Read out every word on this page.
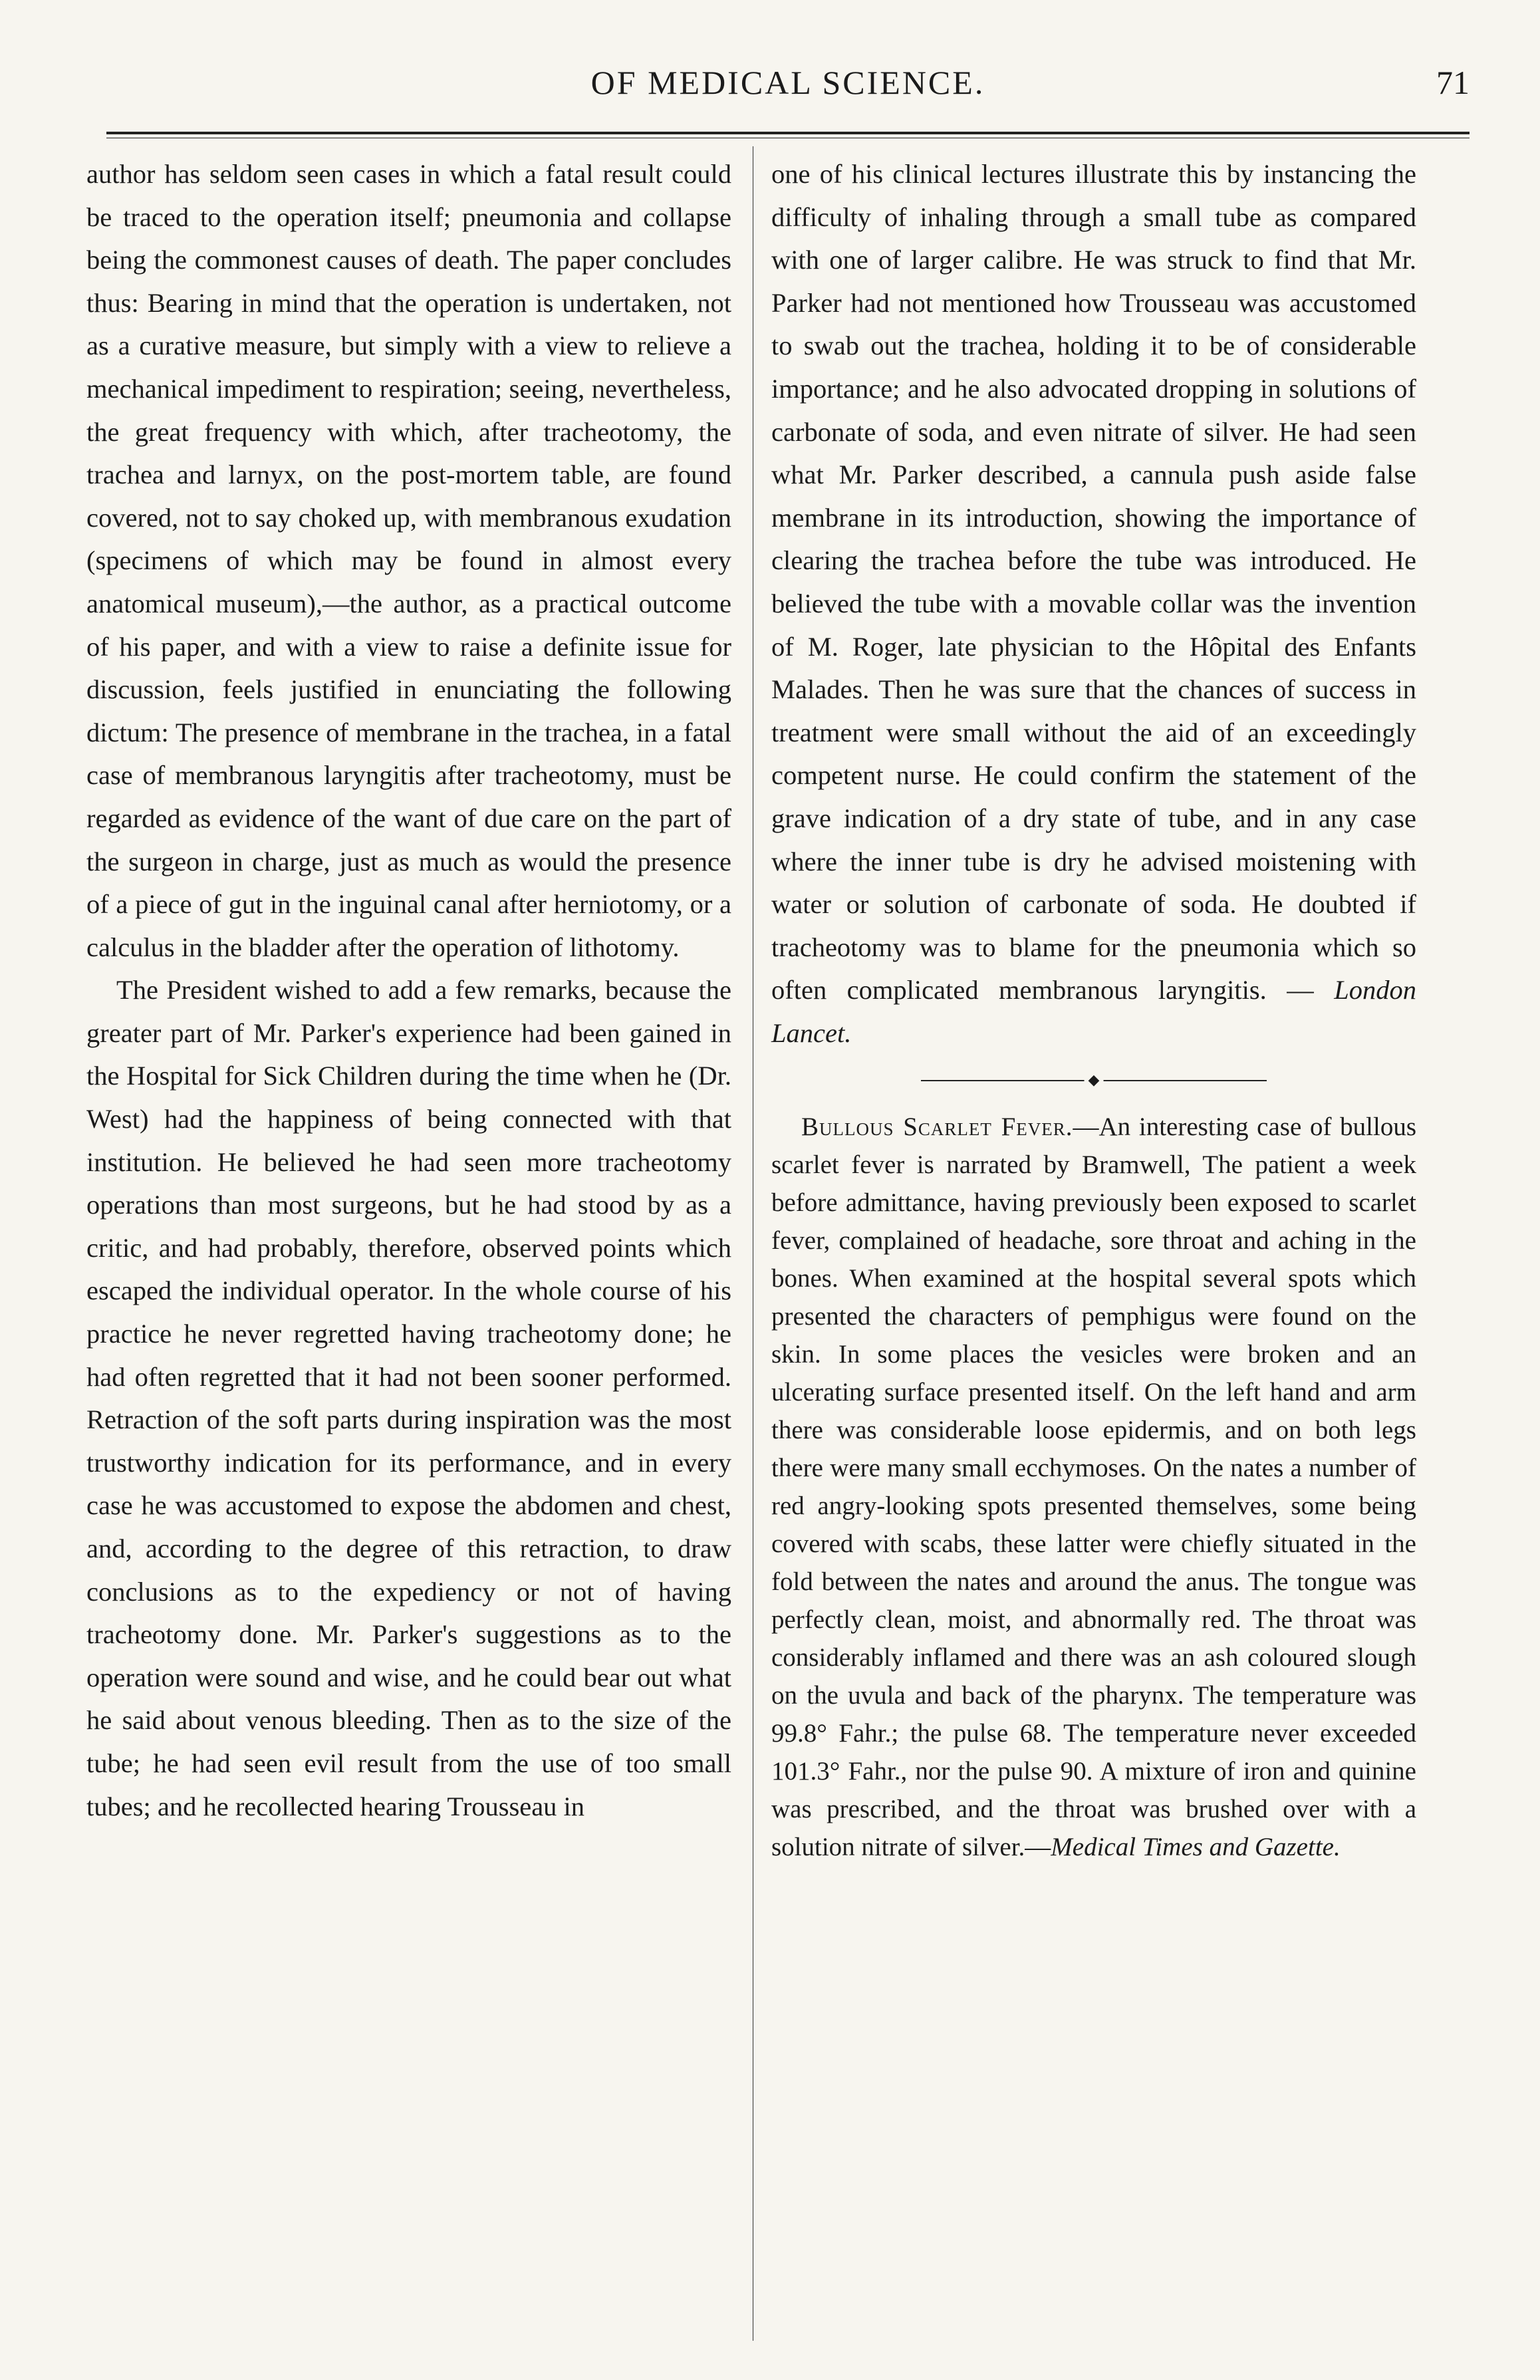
OF MEDICAL SCIENCE.	71

author has seldom seen cases in which a fatal result could be traced to the operation itself; pneumonia and collapse being the commonest causes of death. The paper concludes thus: Bearing in mind that the operation is undertaken, not as a curative measure, but simply with a view to relieve a mechanical impediment to respiration; seeing, nevertheless, the great frequency with which, after tracheotomy, the trachea and larnyx, on the post-mortem table, are found covered, not to say choked up, with membranous exudation (specimens of which may be found in almost every anatomical museum),—the author, as a practical outcome of his paper, and with a view to raise a definite issue for discussion, feels justified in enunciating the following dictum: The presence of membrane in the trachea, in a fatal case of membranous laryngitis after tracheotomy, must be regarded as evidence of the want of due care on the part of the surgeon in charge, just as much as would the presence of a piece of gut in the inguinal canal after herniotomy, or a calculus in the bladder after the operation of lithotomy.

The President wished to add a few remarks, because the greater part of Mr. Parker's experience had been gained in the Hospital for Sick Children during the time when he (Dr. West) had the happiness of being connected with that institution. He believed he had seen more tracheotomy operations than most surgeons, but he had stood by as a critic, and had probably, therefore, observed points which escaped the individual operator. In the whole course of his practice he never regretted having tracheotomy done; he had often regretted that it had not been sooner performed. Retraction of the soft parts during inspiration was the most trustworthy indication for its performance, and in every case he was accustomed to expose the abdomen and chest, and, according to the degree of this retraction, to draw conclusions as to the expediency or not of having tracheotomy done. Mr. Parker's suggestions as to the operation were sound and wise, and he could bear out what he said about venous bleeding. Then as to the size of the tube; he had seen evil result from the use of too small tubes; and he recollected hearing Trousseau in

one of his clinical lectures illustrate this by instancing the difficulty of inhaling through a small tube as compared with one of larger calibre. He was struck to find that Mr. Parker had not mentioned how Trousseau was accustomed to swab out the trachea, holding it to be of considerable importance; and he also advocated dropping in solutions of carbonate of soda, and even nitrate of silver. He had seen what Mr. Parker described, a cannula push aside false membrane in its introduction, showing the importance of clearing the trachea before the tube was introduced. He believed the tube with a movable collar was the invention of M. Roger, late physician to the Hôpital des Enfants Malades. Then he was sure that the chances of success in treatment were small without the aid of an exceedingly competent nurse. He could confirm the statement of the grave indication of a dry state of tube, and in any case where the inner tube is dry he advised moistening with water or solution of carbonate of soda. He doubted if tracheotomy was to blame for the pneumonia which so often complicated membranous laryngitis. — London Lancet.

◆

Bullous Scarlet Fever.—An interesting case of bullous scarlet fever is narrated by Bramwell, The patient a week before admittance, having previously been exposed to scarlet fever, complained of headache, sore throat and aching in the bones. When examined at the hospital several spots which presented the characters of pemphigus were found on the skin. In some places the vesicles were broken and an ulcerating surface presented itself. On the left hand and arm there was considerable loose epidermis, and on both legs there were many small ecchymoses. On the nates a number of red angry-looking spots presented themselves, some being covered with scabs, these latter were chiefly situated in the fold between the nates and around the anus. The tongue was perfectly clean, moist, and abnormally red. The throat was considerably inflamed and there was an ash coloured slough on the uvula and back of the pharynx. The temperature was 99.8° Fahr.; the pulse 68. The temperature never exceeded 101.3° Fahr., nor the pulse 90. A mixture of iron and quinine was prescribed, and the throat was brushed over with a solution nitrate of silver.—Medical Times and Gazette.
